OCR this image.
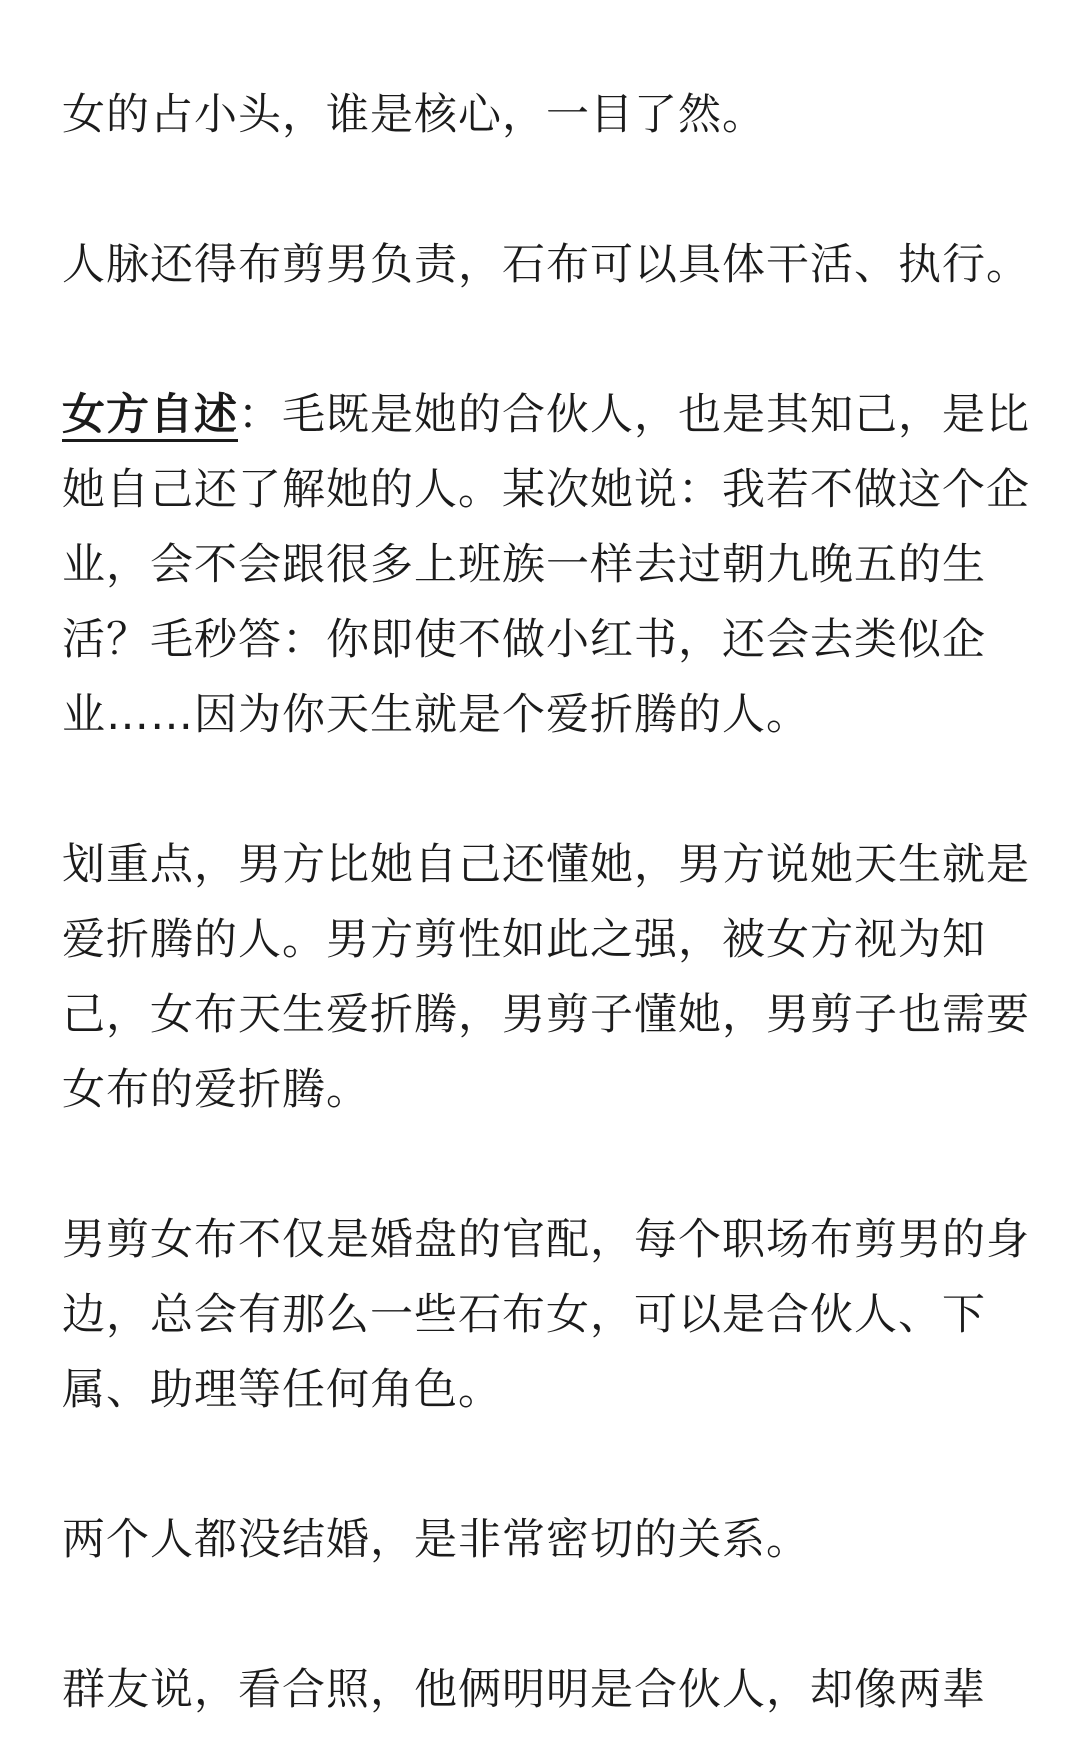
女的占小头，谁是核心，一目了然。

人脉还得布剪男负责，石布可以具体干活、执行。

女方自述：毛既是她的合伙人，也是其知己，是比她自己还了解她的人。某次她说：我若不做这个企业，会不会跟很多上班族一样去过朝九晚五的生活？毛秒答：你即使不做小红书，还会去类似企业……因为你天生就是个爱折腾的人。

划重点，男方比她自己还懂她，男方说她天生就是爱折腾的人。男方剪性如此之强，被女方视为知己，女布天生爱折腾，男剪子懂她，男剪子也需要女布的爱折腾。

男剪女布不仅是婚盘的官配，每个职场布剪男的身边，总会有那么一些石布女，可以是合伙人、下属、助理等任何角色。

两个人都没结婚，是非常密切的关系。

群友说，看合照，他俩明明是合伙人，却像两辈
